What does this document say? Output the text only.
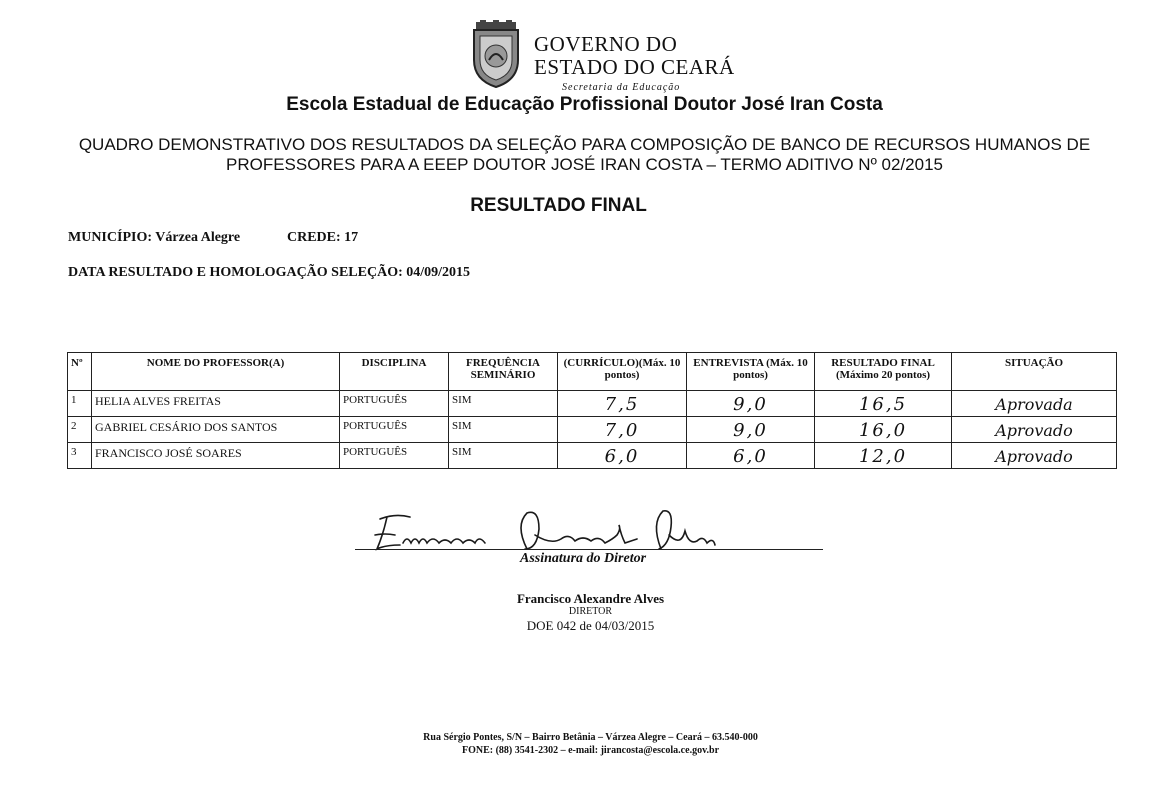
GOVERNO DO
ESTADO DO CEARÁ
Secretaria da Educação
Escola Estadual de Educação Profissional Doutor José Iran Costa
QUADRO DEMONSTRATIVO DOS RESULTADOS DA SELEÇÃO PARA COMPOSIÇÃO DE BANCO DE RECURSOS HUMANOS DE
PROFESSORES PARA A EEEP DOUTOR JOSÉ IRAN COSTA – TERMO ADITIVO Nº 02/2015
RESULTADO FINAL
MUNICÍPIO: Várzea Alegre	CREDE: 17
DATA RESULTADO E HOMOLOGAÇÃO SELEÇÃO: 04/09/2015
Nº	NOME DO PROFESSOR(A)	DISCIPLINA	FREQUÊNCIA SEMINÁRIO	(CURRÍCULO)(Máx. 10 pontos)	ENTREVISTA (Máx. 10 pontos)	RESULTADO FINAL (Máximo 20 pontos)	SITUAÇÃO
1	HELIA ALVES FREITAS	PORTUGUÊS	SIM	7,5	9,0	16,5	Aprovada
2	GABRIEL CESÁRIO DOS SANTOS	PORTUGUÊS	SIM	7,0	9,0	16,0	Aprovado
3	FRANCISCO JOSÉ SOARES	PORTUGUÊS	SIM	6,0	6,0	12,0	Aprovado
Assinatura do Diretor
Francisco Alexandre Alves
DIRETOR
DOE 042 de 04/03/2015
Rua Sérgio Pontes, S/N – Bairro Betânia – Várzea Alegre – Ceará – 63.540-000
FONE: (88) 3541-2302 – e-mail: jirancosta@escola.ce.gov.br
